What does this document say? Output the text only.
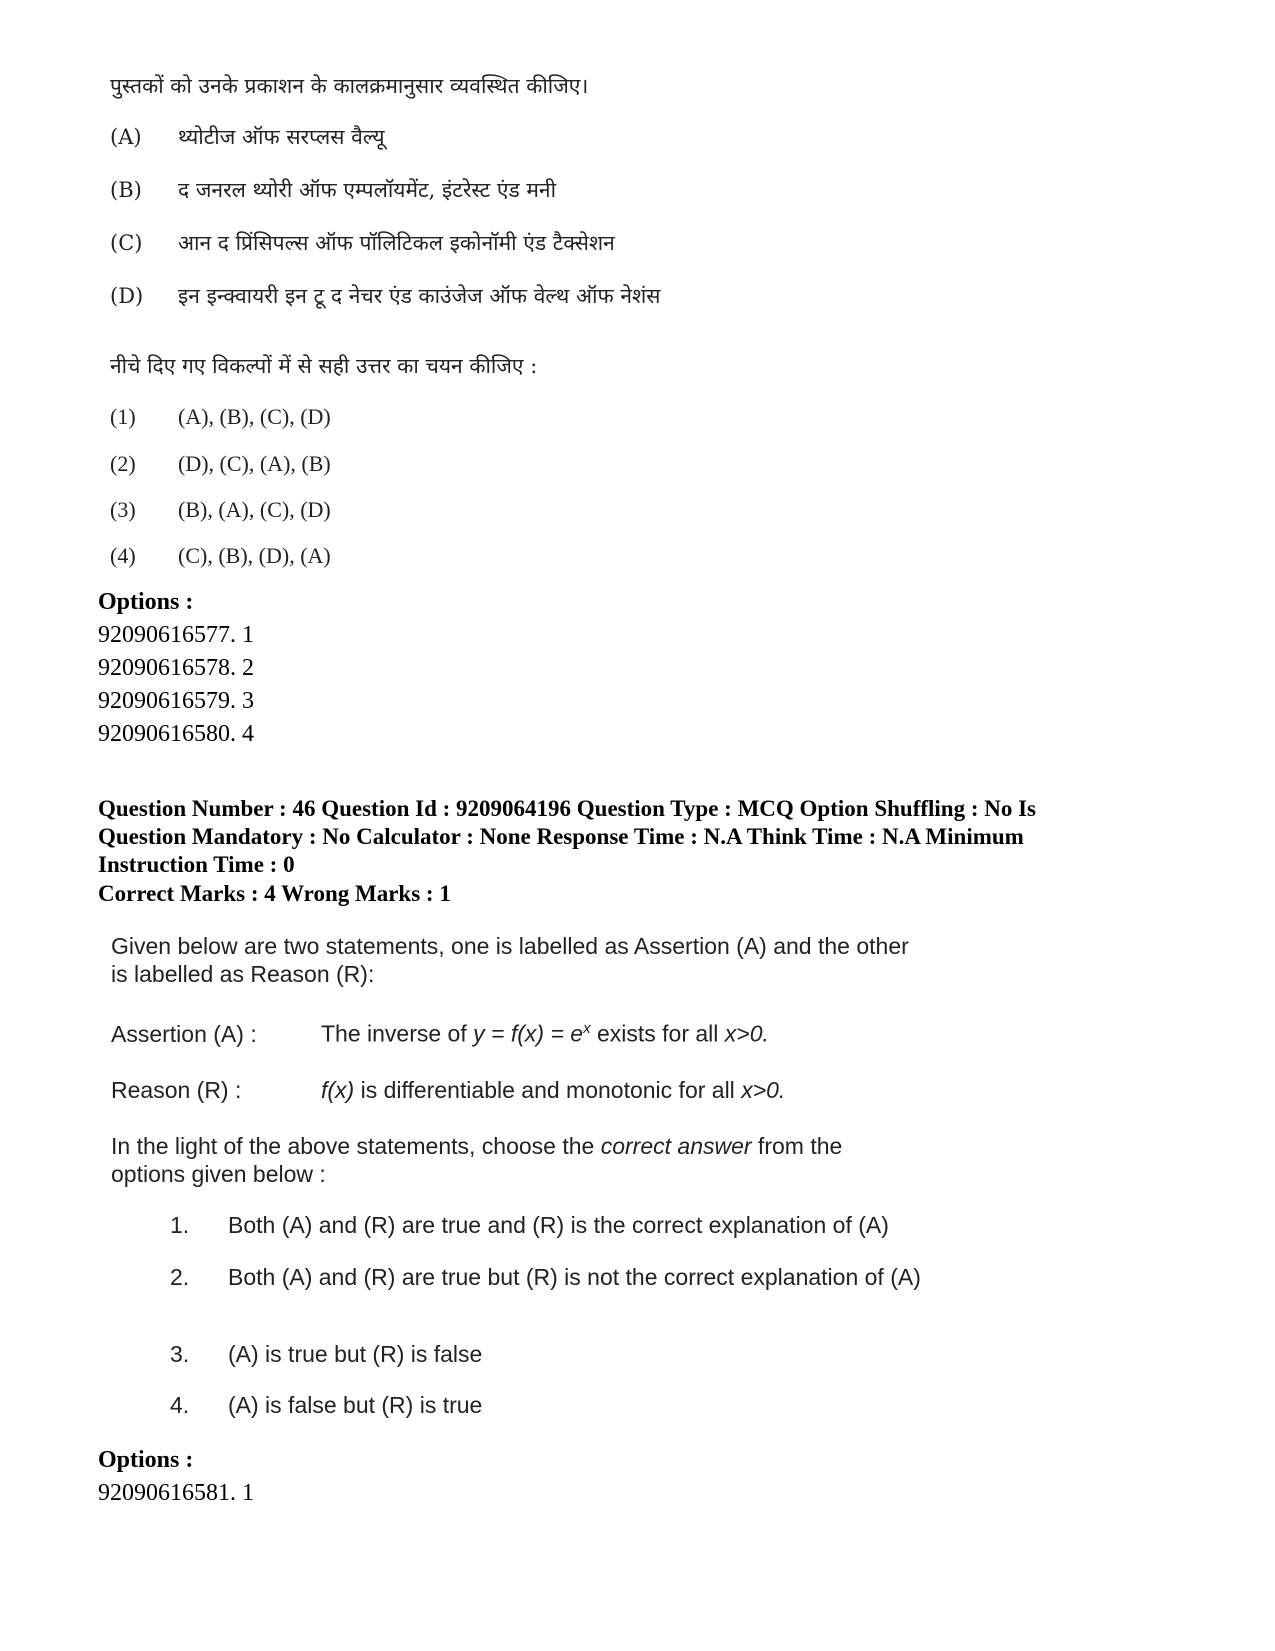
पुस्तकों को उनके प्रकाशन के कालक्रमानुसार व्यवस्थित कीजिए।
(A) थ्योटीज ऑफ सरप्लस वैल्यू
(B) द जनरल थ्योरी ऑफ एम्पलॉयमेंट, इंटरेस्ट एंड मनी
(C) आन द प्रिंसिपल्स ऑफ पॉलिटिकल इकोनॉमी एंड टैक्सेशन
(D) इन इन्क्वायरी इन टू द नेचर एंड काउंजेज ऑफ वेल्थ ऑफ नेशंस
नीचे दिए गए विकल्पों में से सही उत्तर का चयन कीजिए :
(1) (A), (B), (C), (D)
(2) (D), (C), (A), (B)
(3) (B), (A), (C), (D)
(4) (C), (B), (D), (A)
Options :
92090616577. 1
92090616578. 2
92090616579. 3
92090616580. 4
Question Number : 46 Question Id : 9209064196 Question Type : MCQ Option Shuffling : No Is
Question Mandatory : No Calculator : None Response Time : N.A Think Time : N.A Minimum
Instruction Time : 0
Correct Marks : 4 Wrong Marks : 1
Given below are two statements, one is labelled as Assertion (A) and the other
is labelled as Reason (R):
Assertion (A) :	The inverse of $y = f(x) = e^x$ exists for all x>0.
Reason (R) :	f(x) is differentiable and monotonic for all x>0.
In the light of the above statements, choose the correct answer from the
options given below :
1. Both (A) and (R) are true and (R) is the correct explanation of (A)
2. Both (A) and (R) are true but (R) is not the correct explanation of (A)
3. (A) is true but (R) is false
4. (A) is false but (R) is true
Options :
92090616581. 1
